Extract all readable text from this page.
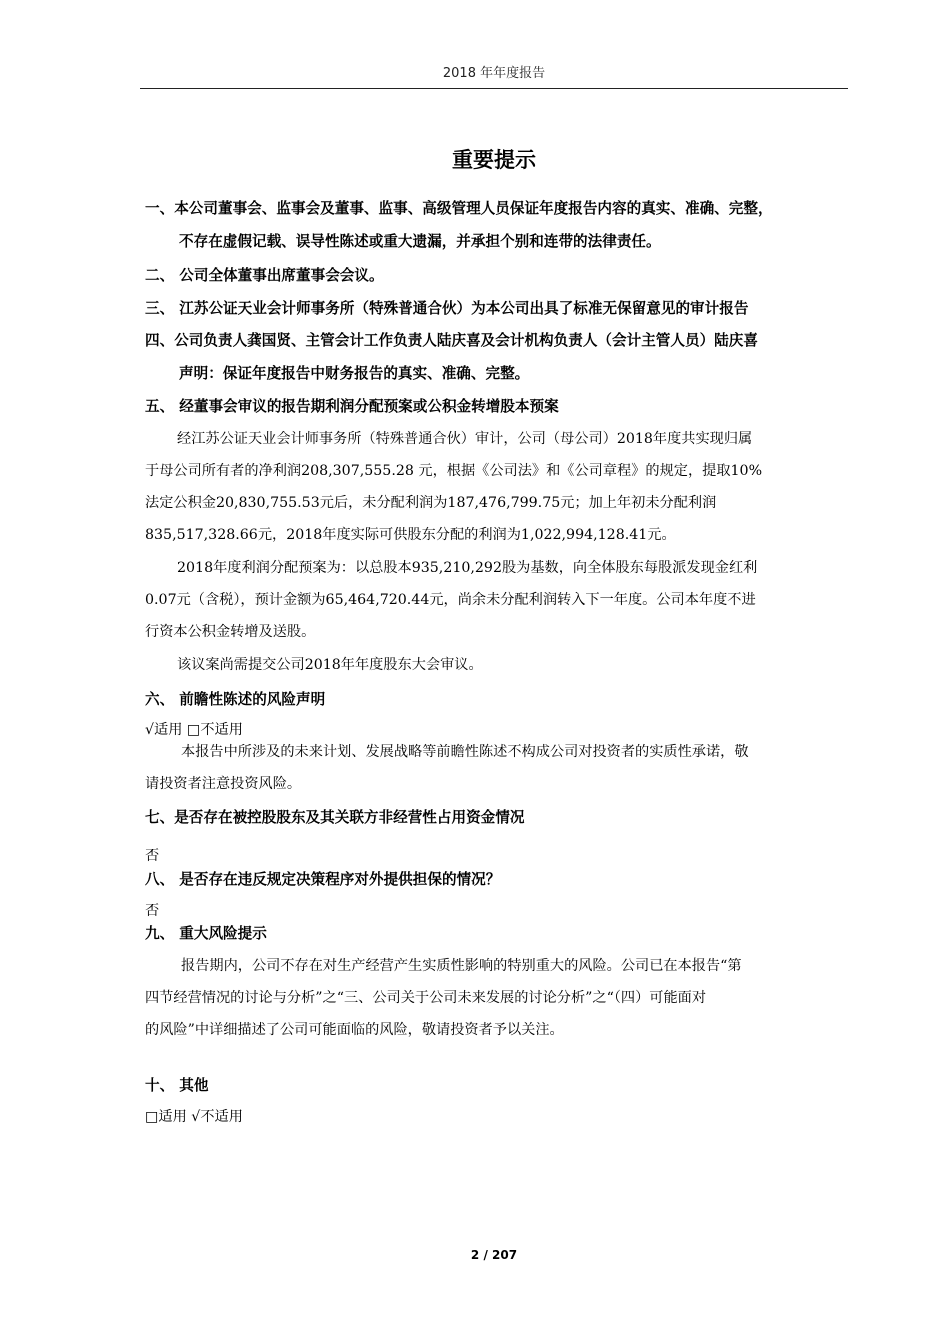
2018 年年度报告
重要提示
一、本公司董事会、监事会及董事、监事、高级管理人员保证年度报告内容的真实、准确、完整，
不存在虚假记载、误导性陈述或重大遗漏，并承担个别和连带的法律责任。
二、 公司全体董事出席董事会会议。
三、 江苏公证天业会计师事务所（特殊普通合伙）为本公司出具了标准无保留意见的审计报告
四、公司负责人龚国贤、主管会计工作负责人陆庆喜及会计机构负责人（会计主管人员）陆庆喜
声明：保证年度报告中财务报告的真实、准确、完整。
五、 经董事会审议的报告期利润分配预案或公积金转增股本预案
经江苏公证天业会计师事务所（特殊普通合伙）审计，公司（母公司）2018年度共实现归属
于母公司所有者的净利润208,307,555.28 元，根据《公司法》和《公司章程》的规定，提取10%
法定公积金20,830,755.53元后，未分配利润为187,476,799.75元；加上年初未分配利润
835,517,328.66元，2018年度实际可供股东分配的利润为1,022,994,128.41元。
2018年度利润分配预案为：以总股本935,210,292股为基数，向全体股东每股派发现金红利
0.07元（含税），预计金额为65,464,720.44元，尚余未分配利润转入下一年度。公司本年度不进
行资本公积金转增及送股。
该议案尚需提交公司2018年年度股东大会审议。
六、 前瞻性陈述的风险声明
√适用 □不适用
本报告中所涉及的未来计划、发展战略等前瞻性陈述不构成公司对投资者的实质性承诺，敬
请投资者注意投资风险。
七、是否存在被控股股东及其关联方非经营性占用资金情况
否
八、 是否存在违反规定决策程序对外提供担保的情况？
否
九、 重大风险提示
报告期内，公司不存在对生产经营产生实质性影响的特别重大的风险。公司已在本报告“第
四节经营情况的讨论与分析”之“三、公司关于公司未来发展的讨论分析”之“（四）可能面对
的风险”中详细描述了公司可能面临的风险，敬请投资者予以关注。
十、 其他
□适用 √不适用
2 / 207
